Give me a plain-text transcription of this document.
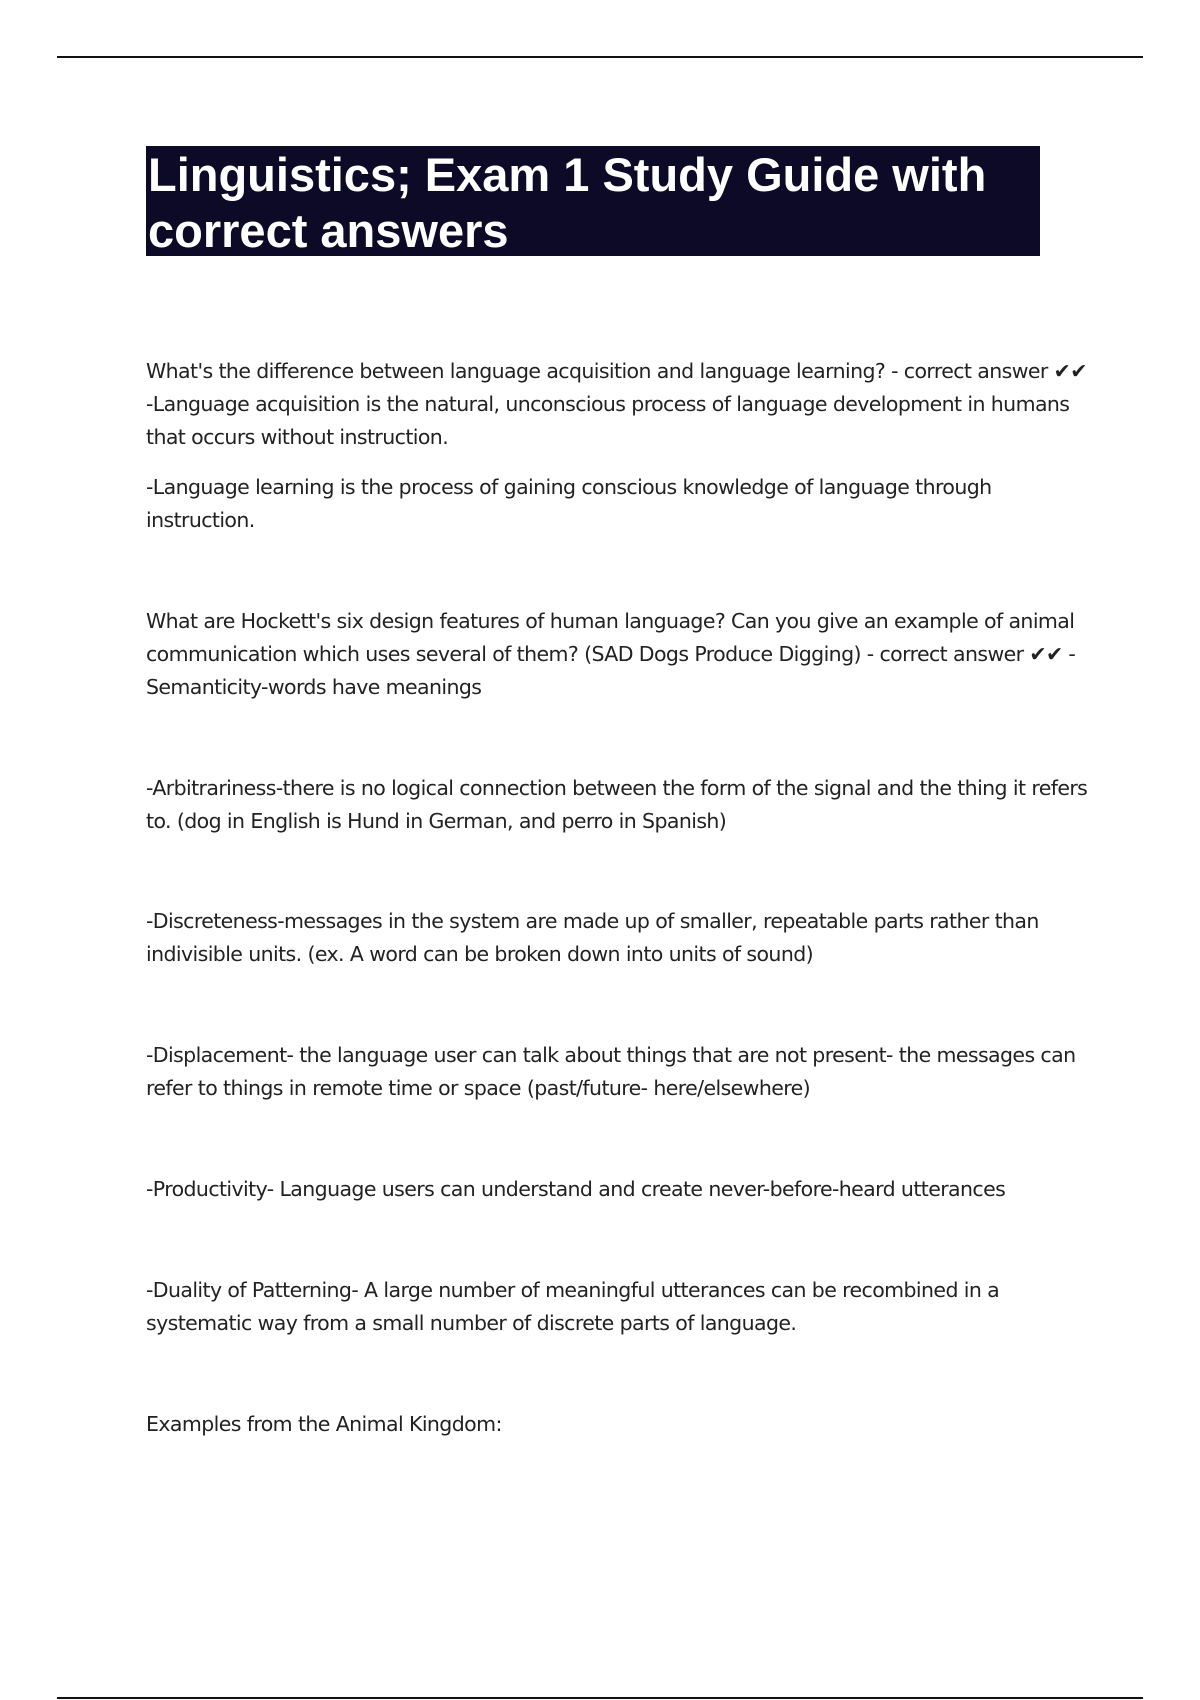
Linguistics; Exam 1 Study Guide with correct answers

What's the difference between language acquisition and language learning? - correct answer ✔✔ -Language acquisition is the natural, unconscious process of language development in humans that occurs without instruction.

-Language learning is the process of gaining conscious knowledge of language through instruction.

What are Hockett's six design features of human language? Can you give an example of animal communication which uses several of them? (SAD Dogs Produce Digging) - correct answer ✔✔ -Semanticity-words have meanings

-Arbitrariness-there is no logical connection between the form of the signal and the thing it refers to. (dog in English is Hund in German, and perro in Spanish)

-Discreteness-messages in the system are made up of smaller, repeatable parts rather than indivisible units. (ex. A word can be broken down into units of sound)

-Displacement- the language user can talk about things that are not present- the messages can refer to things in remote time or space (past/future- here/elsewhere)

-Productivity- Language users can understand and create never-before-heard utterances

-Duality of Patterning- A large number of meaningful utterances can be recombined in a systematic way from a small number of discrete parts of language.

Examples from the Animal Kingdom:
